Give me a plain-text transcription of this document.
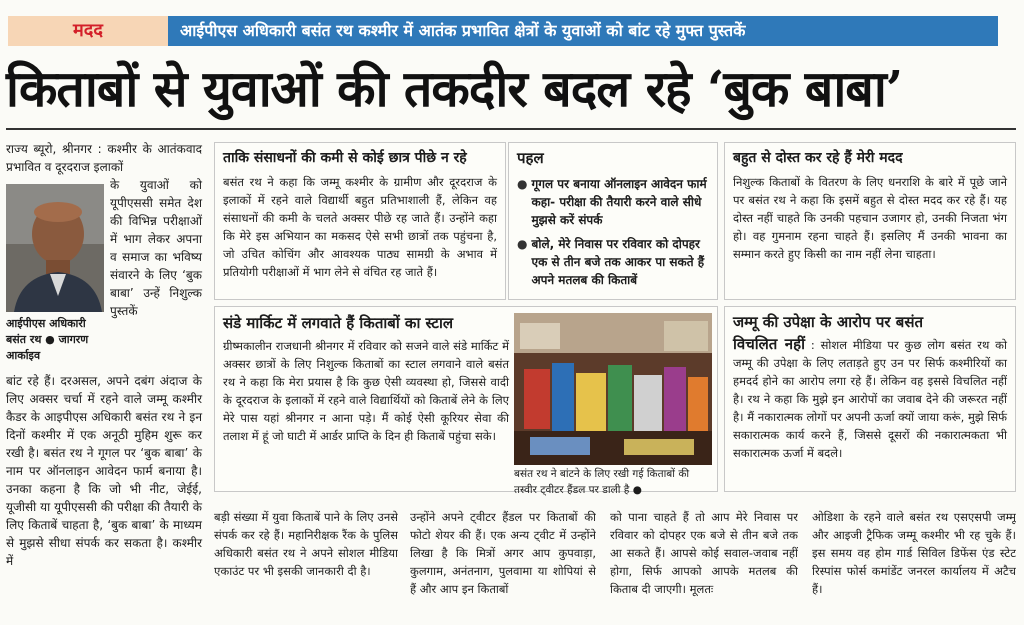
मदद	आईपीएस अधिकारी बसंत रथ कश्मीर में आतंक प्रभावित क्षेत्रों के युवाओं को बांट रहे मुफ्त पुस्तकें
किताबों से युवाओं की तकदीर बदल रहे ‘बुक बाबा’

राज्य ब्यूरो, श्रीनगर : कश्मीर के आतंकवाद प्रभावित व दूरदराज इलाकों

के युवाओं को यूपीएससी समेत देश की विभिन्न परीक्षाओं में भाग लेकर अपना व समाज का भविष्य संवारने के लिए ‘बुक बाबा’ उन्हें निशुल्क पुस्तकें

आईपीएस अधिकारी बसंत रथ ● जागरण आर्काइव

बांट रहे हैं। दरअसल, अपने दबंग अंदाज के लिए अक्सर चर्चा में रहने वाले जम्मू कश्मीर कैडर के आइपीएस अधिकारी बसंत रथ ने इन दिनों कश्मीर में एक अनूठी मुहिम शुरू कर रखी है। बसंत रथ ने गूगल पर ‘बुक बाबा’ के नाम पर ऑनलाइन आवेदन फार्म बनाया है। उनका कहना है कि जो भी नीट, जेईई, यूजीसी या यूपीएससी की परीक्षा की तैयारी के लिए किताबें चाहता है, ‘बुक बाबा’ के माध्यम से मुझसे सीधा संपर्क कर सकता है। कश्मीर में

ताकि संसाधनों की कमी से कोई छात्र पीछे न रहे

बसंत रथ ने कहा कि जम्मू कश्मीर के ग्रामीण और दूरदराज के इलाकों में रहने वाले विद्यार्थी बहुत प्रतिभाशाली हैं, लेकिन वह संसाधनों की कमी के चलते अक्सर पीछे रह जाते हैं। उन्होंने कहा कि मेरे इस अभियान का मकसद ऐसे सभी छात्रों तक पहुंचना है, जो उचित कोचिंग और आवश्यक पाठ्य सामग्री के अभाव में प्रतियोगी परीक्षाओं में भाग लेने से वंचित रह जाते हैं।

पहल
● गूगल पर बनाया ऑनलाइन आवेदन फार्म कहा- परीक्षा की तैयारी करने वाले सीधे मुझसे करें संपर्क
● बोले, मेरे निवास पर रविवार को दोपहर एक से तीन बजे तक आकर पा सकते हैं अपने मतलब की किताबें
बहुत से दोस्त कर रहे हैं मेरी मदद

निशुल्क किताबों के वितरण के लिए धनराशि के बारे में पूछे जाने पर बसंत रथ ने कहा कि इसमें बहुत से दोस्त मदद कर रहे हैं। यह दोस्त नहीं चाहते कि उनकी पहचान उजागर हो, उनकी निजता भंग हो। वह गुमनाम रहना चाहते हैं। इसलिए मैं उनकी भावना का सम्मान करते हुए किसी का नाम नहीं लेना चाहता।

संडे मार्किट में लगवाते हैं किताबों का स्टाल

ग्रीष्मकालीन राजधानी श्रीनगर में रविवार को सजने वाले संडे मार्किट में अक्सर छात्रों के लिए निशुल्क किताबों का स्टाल लगवाने वाले बसंत रथ ने कहा कि मेरा प्रयास है कि कुछ ऐसी व्यवस्था हो, जिससे वादी के दूरदराज के इलाकों में रहने वाले विद्यार्थियों को किताबें लेने के लिए मेरे पास यहां श्रीनगर न आना पड़े। मैं कोई ऐसी कूरियर सेवा की तलाश में हूं जो घाटी में आर्डर प्राप्ति के दिन ही किताबें पहुंचा सके।

बसंत रथ ने बांटने के लिए रखी गई किताबों की तस्वीर ट्वीटर हैंडल पर डाली है ●

जम्मू की उपेक्षा के आरोप पर बसंत

विचलित नहीं : सोशल मीडिया पर कुछ लोग बसंत रथ को जम्मू की उपेक्षा के लिए लताड़ते हुए उन पर सिर्फ कश्मीरियों का हमदर्द होने का आरोप लगा रहे हैं। लेकिन वह इससे विचलित नहीं है। रथ ने कहा कि मुझे इन आरोपों का जवाब देने की जरूरत नहीं है। मैं नकारात्मक लोगों पर अपनी ऊर्जा क्यों जाया करूं, मुझे सिर्फ सकारात्मक कार्य करने हैं, जिससे दूसरों की नकारात्मकता भी सकारात्मक ऊर्जा में बदले।

बड़ी संख्या में युवा किताबें पाने के लिए उनसे संपर्क कर रहे हैं। महानिरीक्षक रैंक के पुलिस अधिकारी बसंत रथ ने अपने सोशल मीडिया एकाउंट पर भी इसकी जानकारी दी है।

उन्होंने अपने ट्वीटर हैंडल पर किताबों की फोटो शेयर की हैं। एक अन्य ट्वीट में उन्होंने लिखा है कि मित्रों अगर आप कुपवाड़ा, कुलगाम, अनंतनाग, पुलवामा या शोपियां से हैं और आप इन किताबों

को पाना चाहते हैं तो आप मेरे निवास पर रविवार को दोपहर एक बजे से तीन बजे तक आ सकते हैं। आपसे कोई सवाल-जवाब नहीं होगा, सिर्फ आपको आपके मतलब की किताब दी जाएगी। मूलतः

ओडिशा के रहने वाले बसंत रथ एसएसपी जम्मू और आइजी ट्रैफिक जम्मू कश्मीर भी रह चुके हैं। इस समय वह होम गार्ड सिविल डिफेंस एंड स्टेट रिस्पांस फोर्स कमांडेंट जनरल कार्यालय में अटैच हैं।
